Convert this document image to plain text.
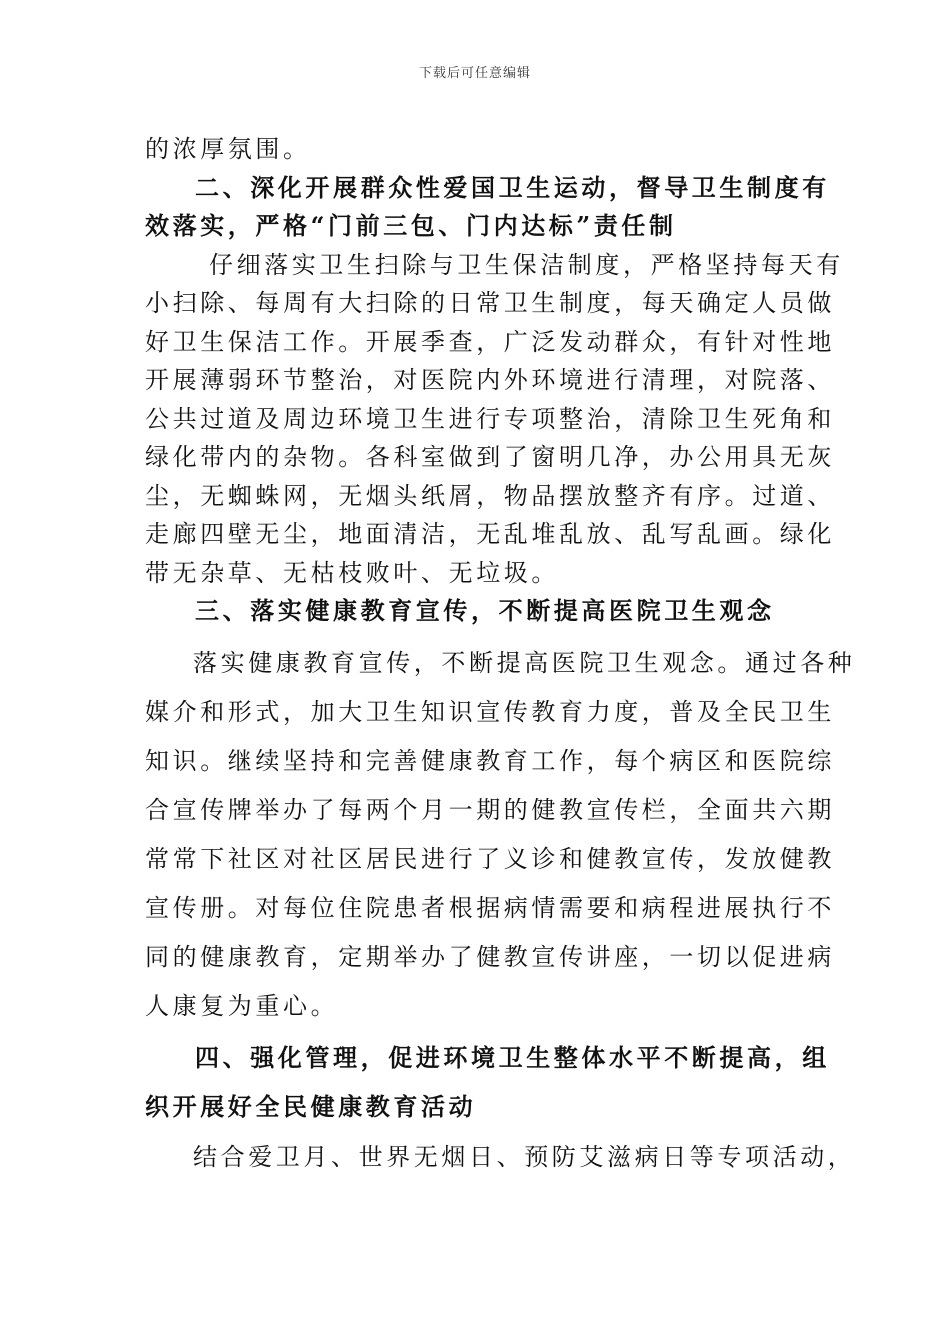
下载后可任意编辑
的浓厚氛围。
二、深化开展群众性爱国卫生运动，督导卫生制度有
效落实，严格“门前三包、门内达标”责任制
仔细落实卫生扫除与卫生保洁制度，严格坚持每天有
小扫除、每周有大扫除的日常卫生制度，每天确定人员做
好卫生保洁工作。开展季查，广泛发动群众，有针对性地
开展薄弱环节整治，对医院内外环境进行清理，对院落、
公共过道及周边环境卫生进行专项整治，清除卫生死角和
绿化带内的杂物。各科室做到了窗明几净，办公用具无灰
尘，无蜘蛛网，无烟头纸屑，物品摆放整齐有序。过道、
走廊四壁无尘，地面清洁，无乱堆乱放、乱写乱画。绿化
带无杂草、无枯枝败叶、无垃圾。
三、落实健康教育宣传，不断提高医院卫生观念
落实健康教育宣传，不断提高医院卫生观念。通过各种
媒介和形式，加大卫生知识宣传教育力度，普及全民卫生
知识。继续坚持和完善健康教育工作，每个病区和医院综
合宣传牌举办了每两个月一期的健教宣传栏，全面共六期
常常下社区对社区居民进行了义诊和健教宣传，发放健教
宣传册。对每位住院患者根据病情需要和病程进展执行不
同的健康教育，定期举办了健教宣传讲座，一切以促进病
人康复为重心。
四、强化管理，促进环境卫生整体水平不断提高，组
织开展好全民健康教育活动
结合爱卫月、世界无烟日、预防艾滋病日等专项活动，
